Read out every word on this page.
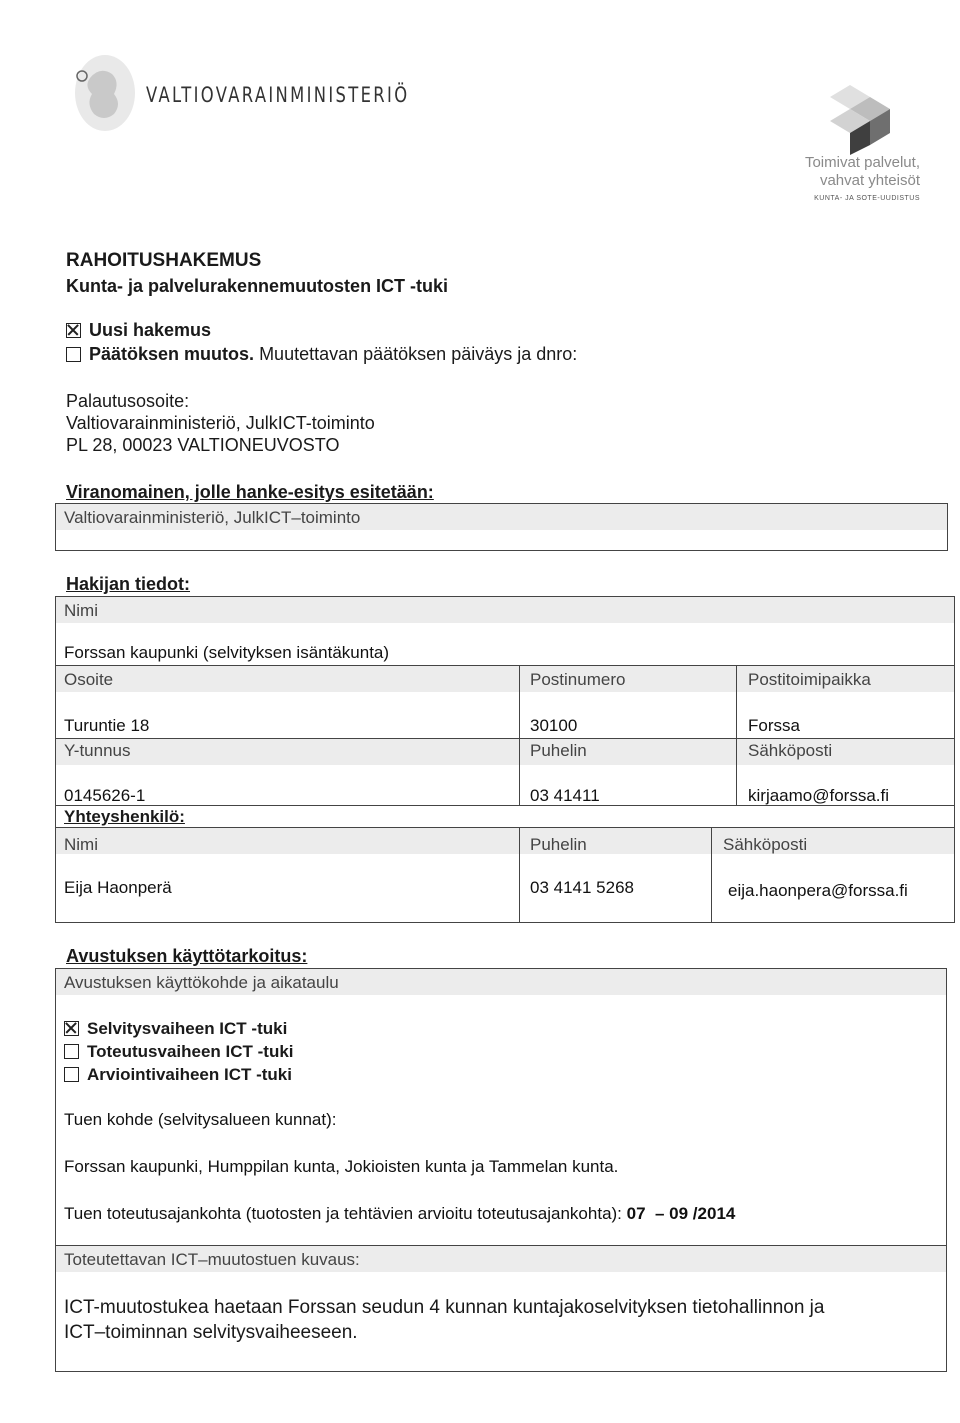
VALTIOVARAINMINISTERIÖ
Toimivat palvelut,
vahvat yhteisöt
KUNTA- JA SOTE-UUDISTUS
RAHOITUSHAKEMUS
Kunta- ja palvelurakennemuutosten ICT -tuki
Uusi hakemus
Päätöksen muutos. Muutettavan päätöksen päiväys ja dnro:
Palautusosoite:
Valtiovarainministeriö, JulkICT-toiminto
PL 28, 00023 VALTIONEUVOSTO
Viranomainen, jolle hanke-esitys esitetään:
Valtiovarainministeriö, JulkICT–toiminto
Hakijan tiedot:
Nimi
Forssan kaupunki (selvityksen isäntäkunta)
Osoite	Postinumero	Postitoimipaikka
Turuntie 18	30100	Forssa
Y-tunnus	Puhelin	Sähköposti
0145626-1	03 41411	kirjaamo@forssa.fi
Yhteyshenkilö:
Nimi	Puhelin	Sähköposti
Eija Haonperä	03 4141 5268	eija.haonpera@forssa.fi
Avustuksen käyttötarkoitus:
Avustuksen käyttökohde ja aikataulu
Selvitysvaiheen ICT -tuki
Toteutusvaiheen ICT -tuki
Arviointivaiheen ICT -tuki
Tuen kohde (selvitysalueen kunnat):
Forssan kaupunki, Humppilan kunta, Jokioisten kunta ja Tammelan kunta.
Tuen toteutusajankohta (tuotosten ja tehtävien arvioitu toteutusajankohta): 07  – 09 /2014
Toteutettavan ICT–muutostuen kuvaus:
ICT-muutostukea haetaan Forssan seudun 4 kunnan kuntajakoselvityksen tietohallinnon ja
ICT–toiminnan selvitysvaiheeseen.
